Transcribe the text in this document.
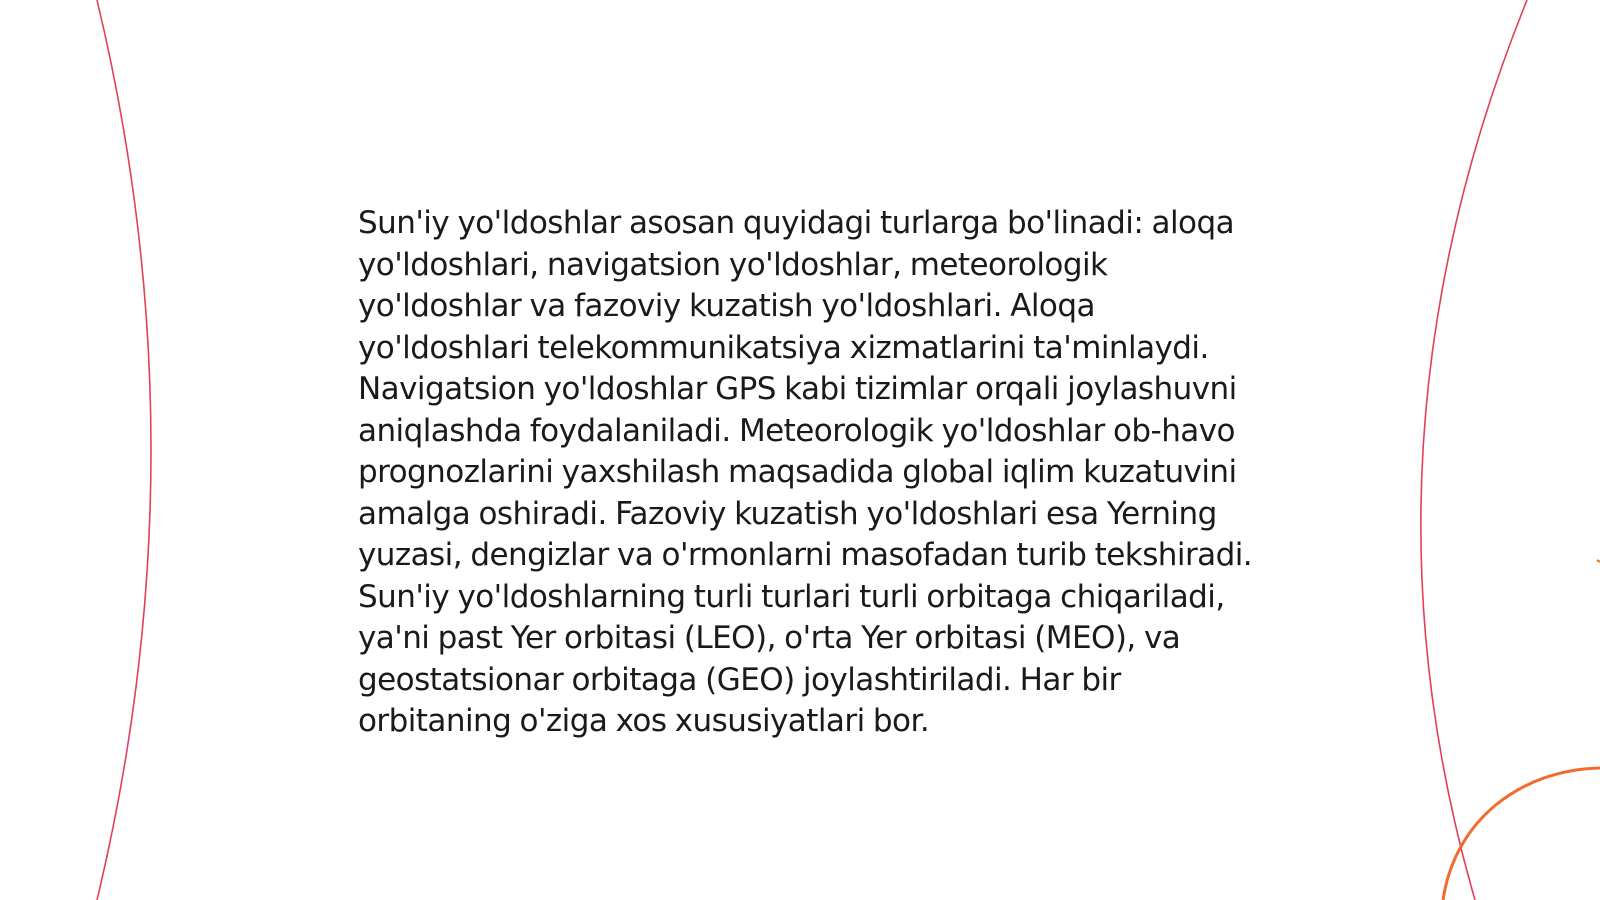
Sun'iy yo'ldoshlar asosan quyidagi turlarga bo'linadi: aloqa yo'ldoshlari, navigatsion yo'ldoshlar, meteorologik yo'ldoshlar va fazoviy kuzatish yo'ldoshlari. Aloqa yo'ldoshlari telekommunikatsiya xizmatlarini ta'minlaydi. Navigatsion yo'ldoshlar GPS kabi tizimlar orqali joylashuvni aniqlashda foydalaniladi. Meteorologik yo'ldoshlar ob-havo prognozlarini yaxshilash maqsadida global iqlim kuzatuvini amalga oshiradi. Fazoviy kuzatish yo'ldoshlari esa Yerning yuzasi, dengizlar va o'rmonlarni masofadan turib tekshiradi. Sun'iy yo'ldoshlarning turli turlari turli orbitaga chiqariladi, ya'ni past Yer orbitasi (LEO), o'rta Yer orbitasi (MEO), va geostatsionar orbitaga (GEO) joylashtiriladi. Har bir orbitaning o'ziga xos xususiyatlari bor.
